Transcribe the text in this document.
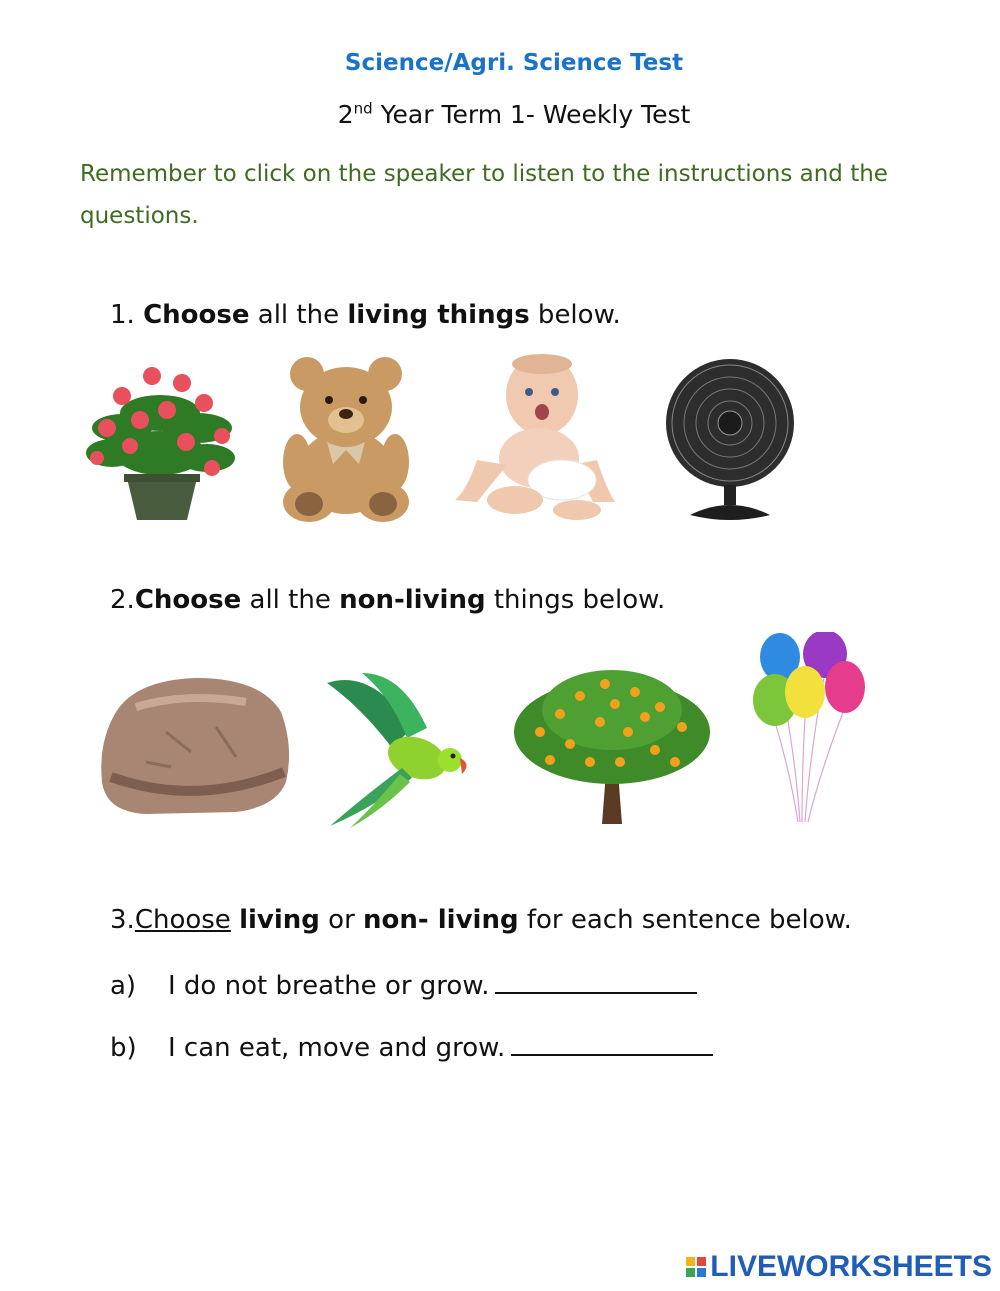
Science/Agri. Science Test
2nd Year Term 1- Weekly Test
Remember to click on the speaker to listen to the instructions and the questions.
1. Choose all the living things below.
2.Choose all the non-living things below.
3.Choose living or non- living for each sentence below.
a) I do not breathe or grow.
b) I can eat, move and grow.
LIVEWORKSHEETS
